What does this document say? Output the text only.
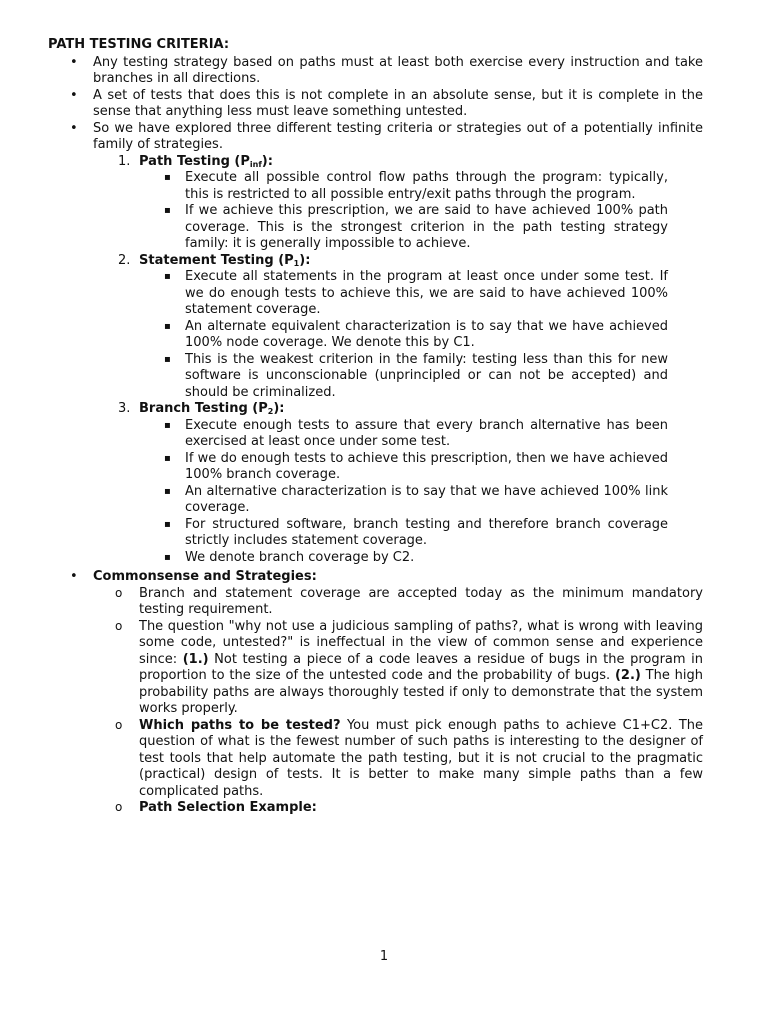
PATH TESTING CRITERIA:
• Any testing strategy based on paths must at least both exercise every instruction and take branches in all directions.
• A set of tests that does this is not complete in an absolute sense, but it is complete in the sense that anything less must leave something untested.
• So we have explored three different testing criteria or strategies out of a potentially infinite family of strategies.
1. Path Testing $(P_{inf})$:
▪ Execute all possible control flow paths through the program: typically, this is restricted to all possible entry/exit paths through the program.
▪ If we achieve this prescription, we are said to have achieved 100% path coverage. This is the strongest criterion in the path testing strategy family: it is generally impossible to achieve.
2. Statement Testing $(P_1)$:
▪ Execute all statements in the program at least once under some test. If we do enough tests to achieve this, we are said to have achieved 100% statement coverage.
▪ An alternate equivalent characterization is to say that we have achieved 100% node coverage. We denote this by C1.
▪ This is the weakest criterion in the family: testing less than this for new software is unconscionable (unprincipled or can not be accepted) and should be criminalized.
3. Branch Testing $(P_2)$:
▪ Execute enough tests to assure that every branch alternative has been exercised at least once under some test.
▪ If we do enough tests to achieve this prescription, then we have achieved 100% branch coverage.
▪ An alternative characterization is to say that we have achieved 100% link coverage.
▪ For structured software, branch testing and therefore branch coverage strictly includes statement coverage.
▪ We denote branch coverage by C2.
• Commonsense and Strategies:
o Branch and statement coverage are accepted today as the minimum mandatory testing requirement.
o The question "why not use a judicious sampling of paths?, what is wrong with leaving some code, untested?" is ineffectual in the view of common sense and experience since: (1.) Not testing a piece of a code leaves a residue of bugs in the program in proportion to the size of the untested code and the probability of bugs. (2.) The high probability paths are always thoroughly tested if only to demonstrate that the system works properly.
o Which paths to be tested? You must pick enough paths to achieve C1+C2. The question of what is the fewest number of such paths is interesting to the designer of test tools that help automate the path testing, but it is not crucial to the pragmatic (practical) design of tests. It is better to make many simple paths than a few complicated paths.
o Path Selection Example:
1
